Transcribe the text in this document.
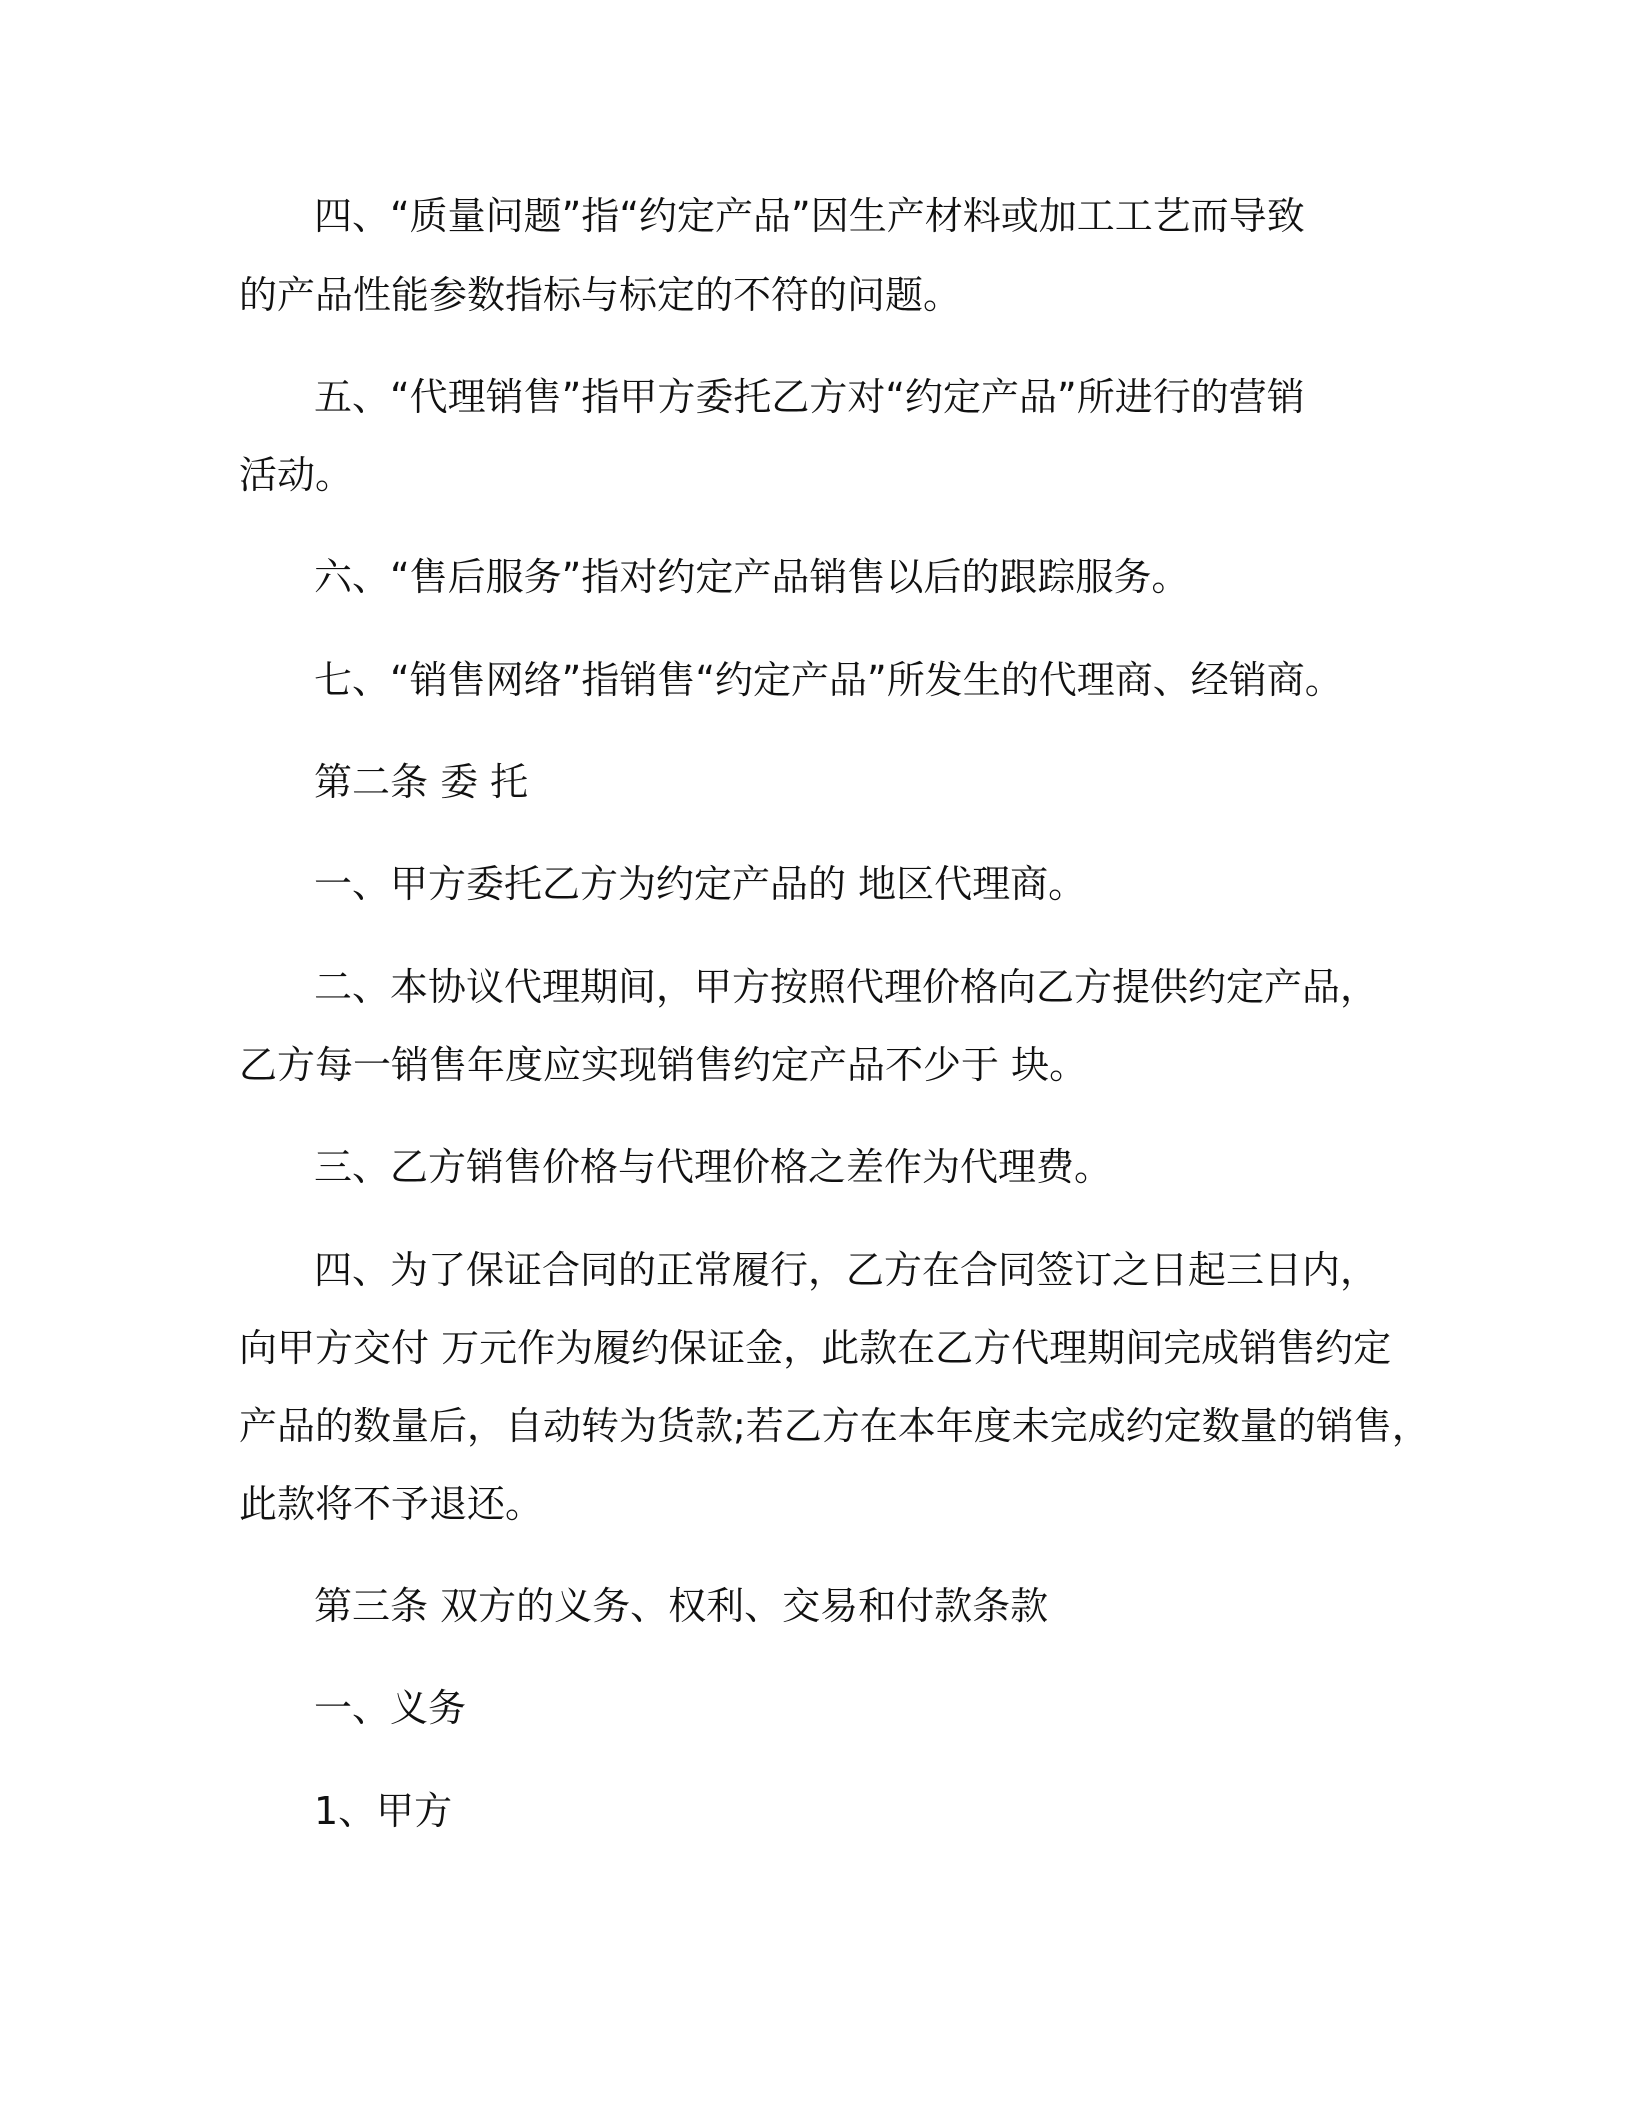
四、“质量问题”指“约定产品”因生产材料或加工工艺而导致

的产品性能参数指标与标定的不符的问题。

五、“代理销售”指甲方委托乙方对“约定产品”所进行的营销

活动。

六、“售后服务”指对约定产品销售以后的跟踪服务。

七、“销售网络”指销售“约定产品”所发生的代理商、经销商。

第二条 委 托

一、甲方委托乙方为约定产品的 地区代理商。

二、本协议代理期间，甲方按照代理价格向乙方提供约定产品，

乙方每一销售年度应实现销售约定产品不少于 块。

三、乙方销售价格与代理价格之差作为代理费。

四、为了保证合同的正常履行，乙方在合同签订之日起三日内，

向甲方交付 万元作为履约保证金，此款在乙方代理期间完成销售约定

产品的数量后，自动转为货款;若乙方在本年度未完成约定数量的销售，

此款将不予退还。

第三条 双方的义务、权利、交易和付款条款

一、义务

1、甲方
